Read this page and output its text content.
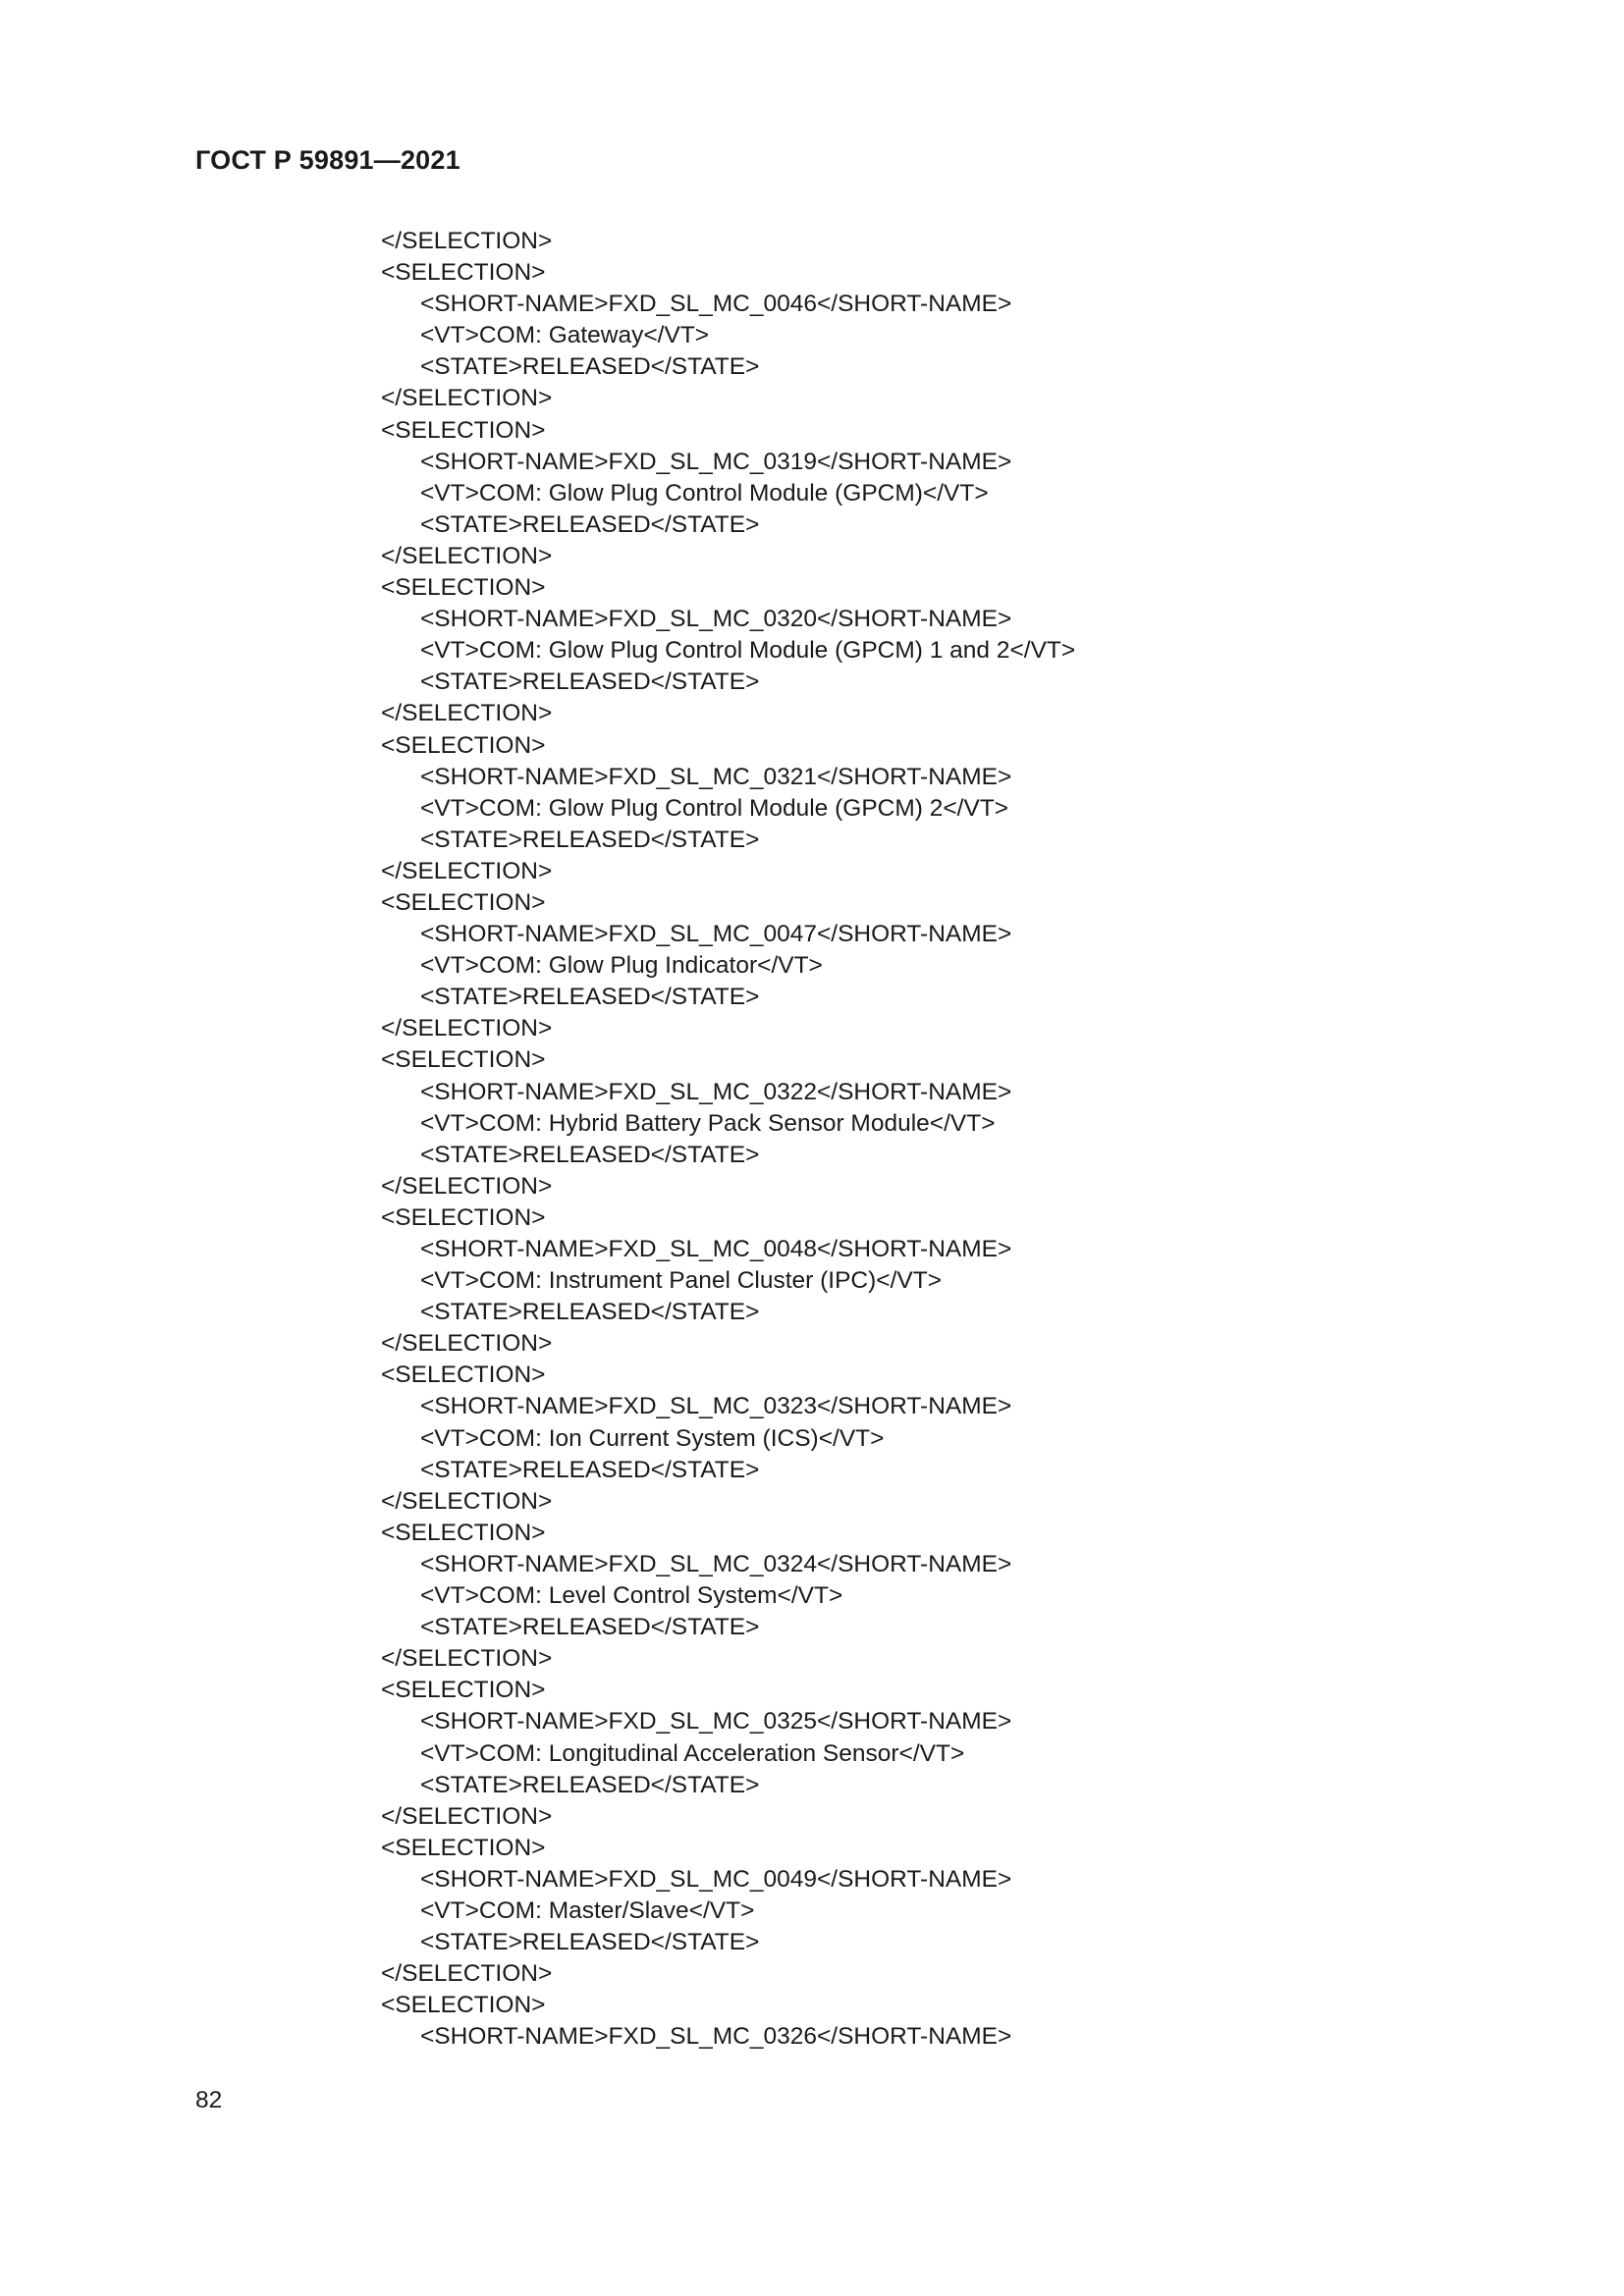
ГОСТ Р 59891—2021
</SELECTION>
<SELECTION>
<SHORT-NAME>FXD_SL_MC_0046</SHORT-NAME>
<VT>COM: Gateway</VT>
<STATE>RELEASED</STATE>
</SELECTION>
<SELECTION>
<SHORT-NAME>FXD_SL_MC_0319</SHORT-NAME>
<VT>COM: Glow Plug Control Module (GPCM)</VT>
<STATE>RELEASED</STATE>
</SELECTION>
<SELECTION>
<SHORT-NAME>FXD_SL_MC_0320</SHORT-NAME>
<VT>COM: Glow Plug Control Module (GPCM) 1 and 2</VT>
<STATE>RELEASED</STATE>
</SELECTION>
<SELECTION>
<SHORT-NAME>FXD_SL_MC_0321</SHORT-NAME>
<VT>COM: Glow Plug Control Module (GPCM) 2</VT>
<STATE>RELEASED</STATE>
</SELECTION>
<SELECTION>
<SHORT-NAME>FXD_SL_MC_0047</SHORT-NAME>
<VT>COM: Glow Plug Indicator</VT>
<STATE>RELEASED</STATE>
</SELECTION>
<SELECTION>
<SHORT-NAME>FXD_SL_MC_0322</SHORT-NAME>
<VT>COM: Hybrid Battery Pack Sensor Module</VT>
<STATE>RELEASED</STATE>
</SELECTION>
<SELECTION>
<SHORT-NAME>FXD_SL_MC_0048</SHORT-NAME>
<VT>COM: Instrument Panel Cluster (IPC)</VT>
<STATE>RELEASED</STATE>
</SELECTION>
<SELECTION>
<SHORT-NAME>FXD_SL_MC_0323</SHORT-NAME>
<VT>COM: Ion Current System (ICS)</VT>
<STATE>RELEASED</STATE>
</SELECTION>
<SELECTION>
<SHORT-NAME>FXD_SL_MC_0324</SHORT-NAME>
<VT>COM: Level Control System</VT>
<STATE>RELEASED</STATE>
</SELECTION>
<SELECTION>
<SHORT-NAME>FXD_SL_MC_0325</SHORT-NAME>
<VT>COM: Longitudinal Acceleration Sensor</VT>
<STATE>RELEASED</STATE>
</SELECTION>
<SELECTION>
<SHORT-NAME>FXD_SL_MC_0049</SHORT-NAME>
<VT>COM: Master/Slave</VT>
<STATE>RELEASED</STATE>
</SELECTION>
<SELECTION>
<SHORT-NAME>FXD_SL_MC_0326</SHORT-NAME>
82
